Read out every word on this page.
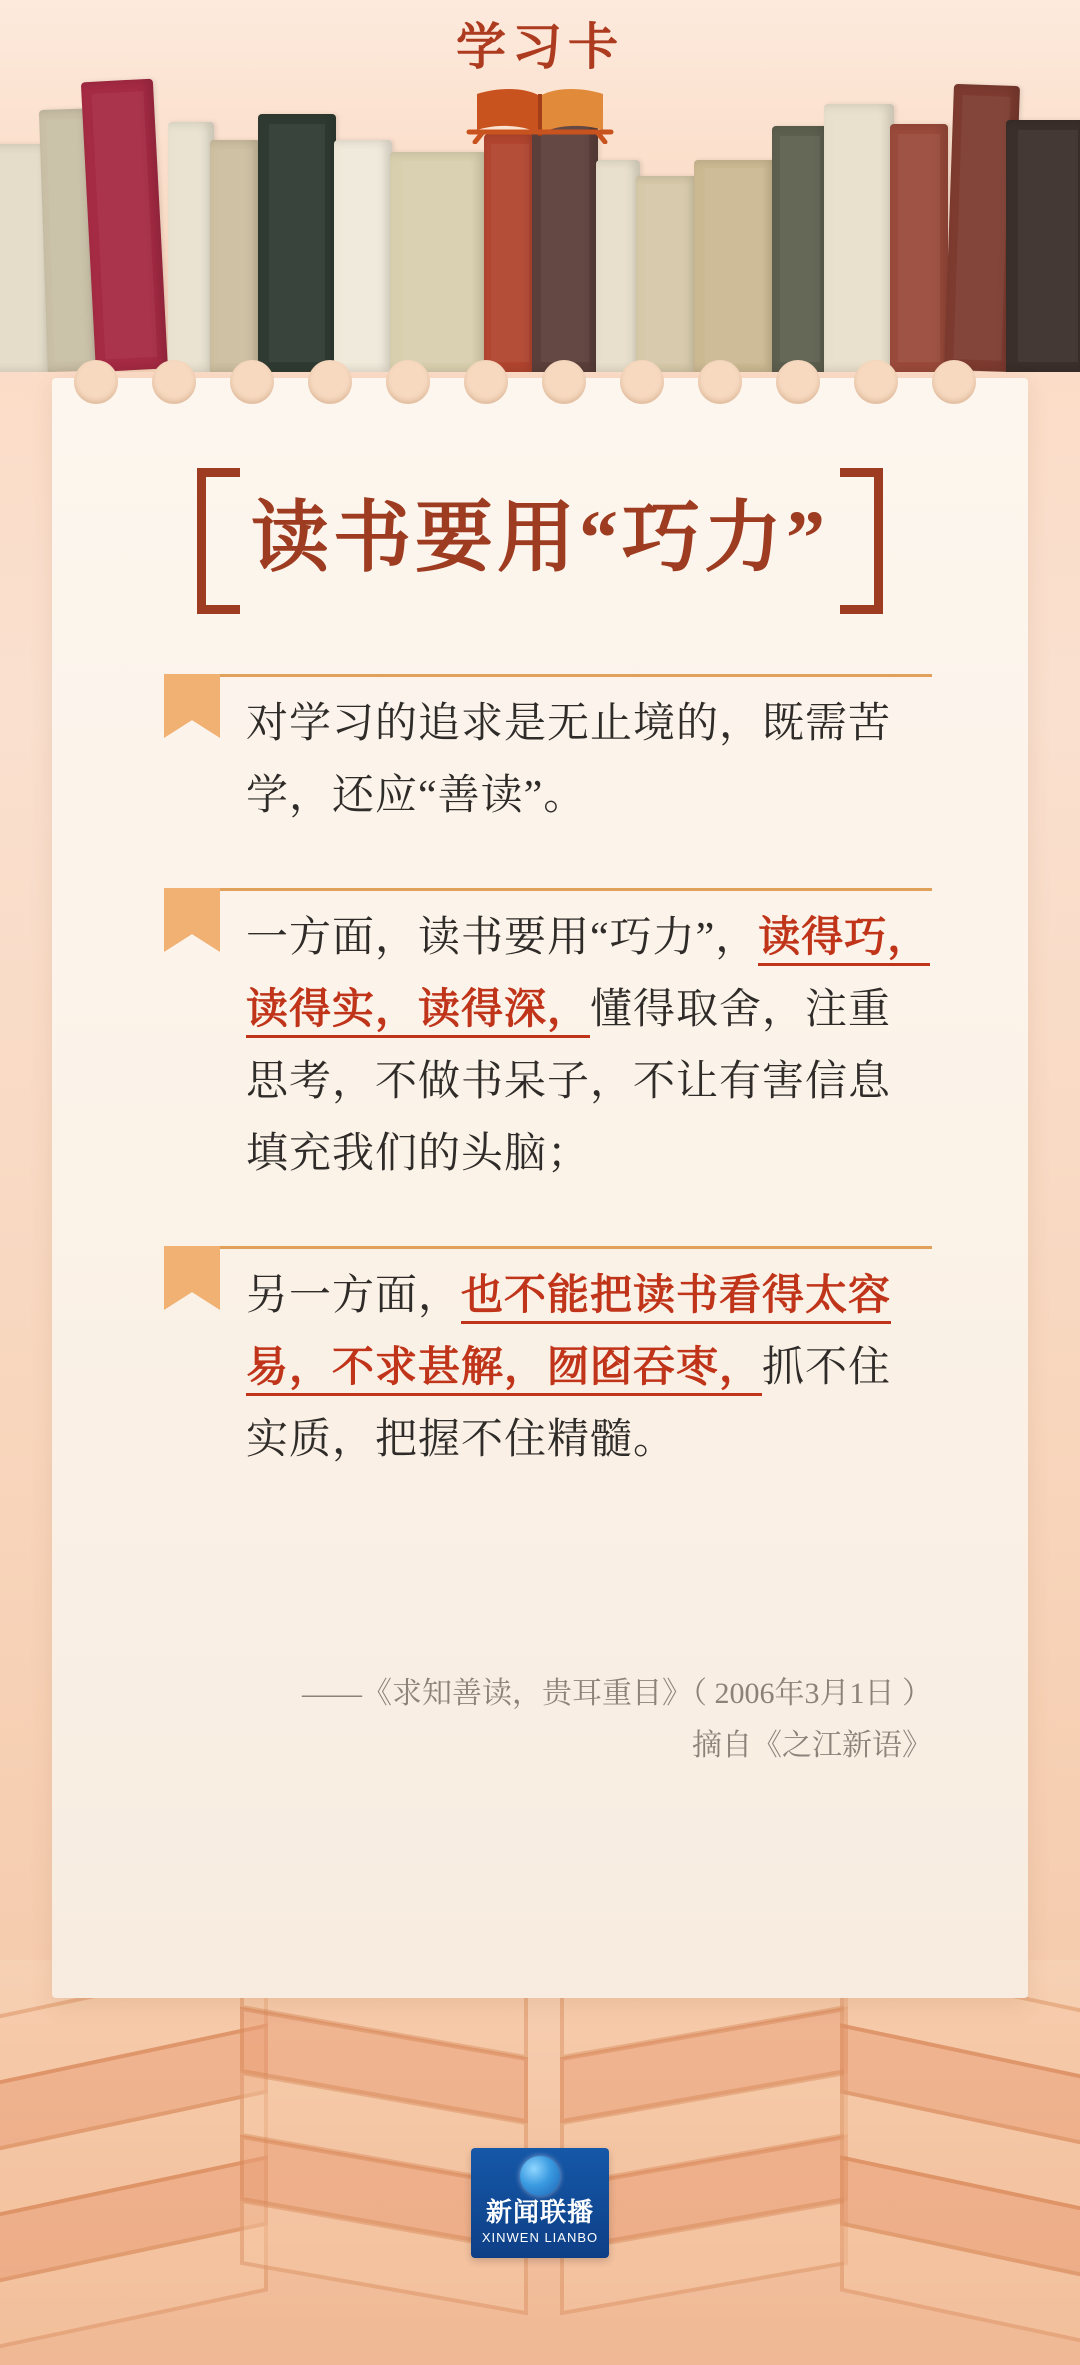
学习卡
读书要用“巧力”
对学习的追求是无止境的，既需苦学，还应“善读”。
一方面，读书要用“巧力”，读得巧，读得实，读得深，懂得取舍，注重思考，不做书呆子，不让有害信息填充我们的头脑；
另一方面，也不能把读书看得太容易，不求甚解，囫囵吞枣，抓不住实质，把握不住精髓。
——《求知善读，贵耳重目》（ 2006年3月1日 ）
摘自《之江新语》
新闻联播
XINWEN LIANBO
